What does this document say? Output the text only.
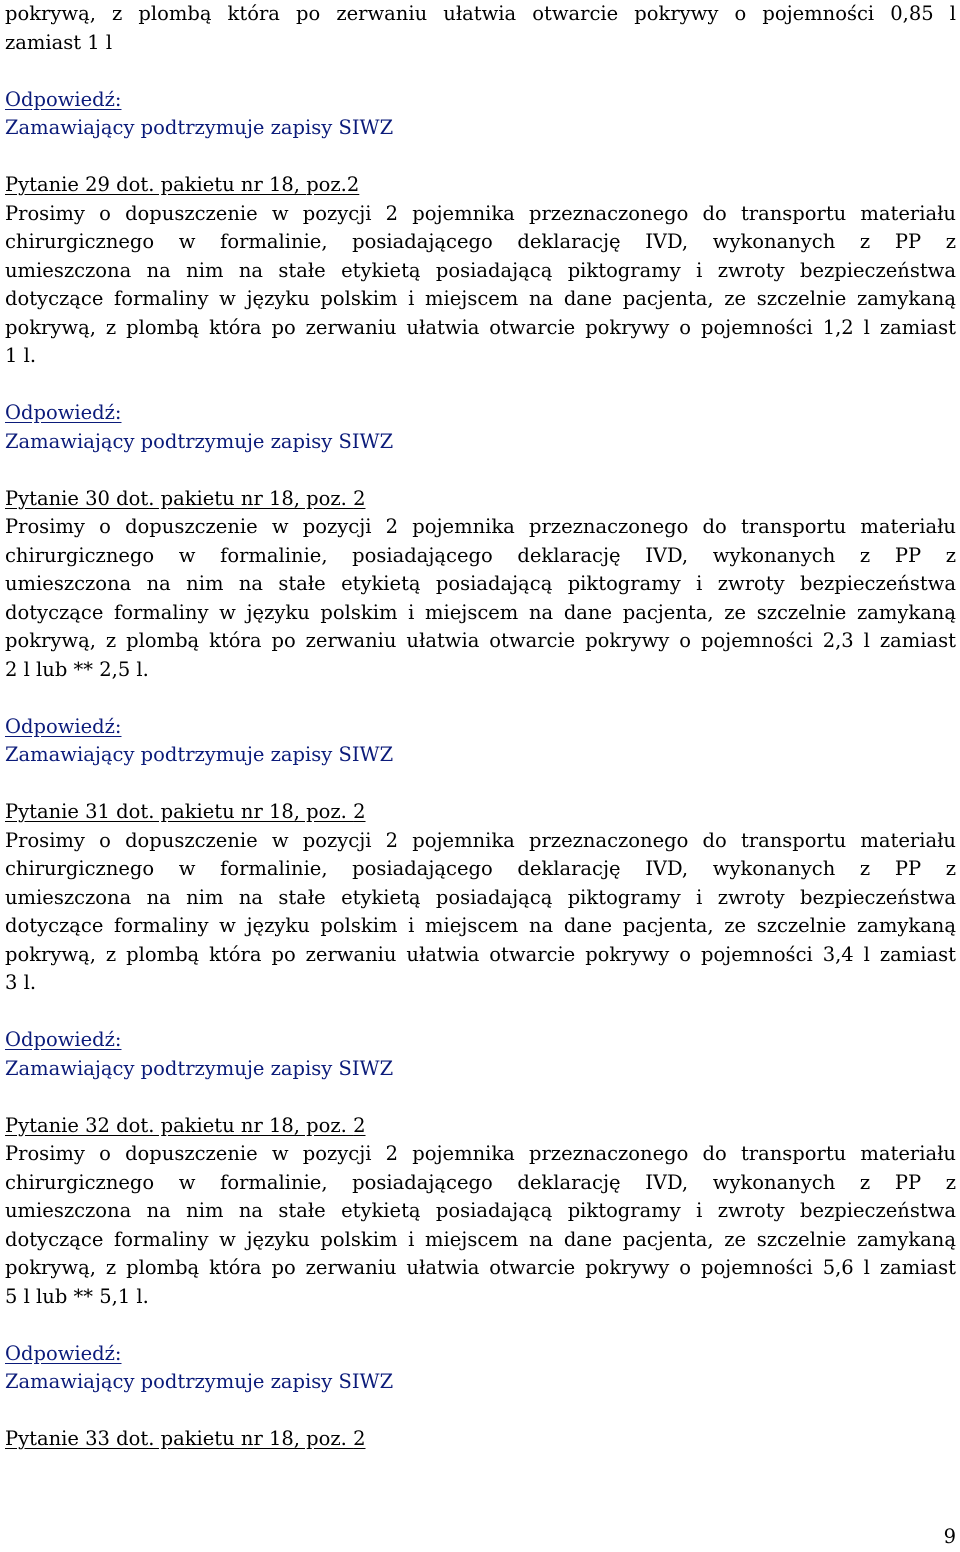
pokrywą, z plombą która po zerwaniu ułatwia otwarcie pokrywy o pojemności 0,85 l
zamiast 1 l
Odpowiedź:
Zamawiający podtrzymuje zapisy SIWZ
Pytanie 29 dot. pakietu nr 18, poz.2
Prosimy o dopuszczenie w pozycji 2 pojemnika przeznaczonego do transportu materiału
chirurgicznego w formalinie, posiadającego deklarację IVD, wykonanych z PP z
umieszczona na nim na stałe etykietą posiadającą piktogramy i zwroty bezpieczeństwa
dotyczące formaliny w języku polskim i miejscem na dane pacjenta, ze szczelnie zamykaną
pokrywą, z plombą która po zerwaniu ułatwia otwarcie pokrywy o pojemności 1,2 l zamiast
1 l.
Odpowiedź:
Zamawiający podtrzymuje zapisy SIWZ
Pytanie 30 dot. pakietu nr 18, poz. 2
Prosimy o dopuszczenie w pozycji 2 pojemnika przeznaczonego do transportu materiału
chirurgicznego w formalinie, posiadającego deklarację IVD, wykonanych z PP z
umieszczona na nim na stałe etykietą posiadającą piktogramy i zwroty bezpieczeństwa
dotyczące formaliny w języku polskim i miejscem na dane pacjenta, ze szczelnie zamykaną
pokrywą, z plombą która po zerwaniu ułatwia otwarcie pokrywy o pojemności 2,3 l zamiast
2 l lub ** 2,5 l.
Odpowiedź:
Zamawiający podtrzymuje zapisy SIWZ
Pytanie 31 dot. pakietu nr 18, poz. 2
Prosimy o dopuszczenie w pozycji 2 pojemnika przeznaczonego do transportu materiału
chirurgicznego w formalinie, posiadającego deklarację IVD, wykonanych z PP z
umieszczona na nim na stałe etykietą posiadającą piktogramy i zwroty bezpieczeństwa
dotyczące formaliny w języku polskim i miejscem na dane pacjenta, ze szczelnie zamykaną
pokrywą, z plombą która po zerwaniu ułatwia otwarcie pokrywy o pojemności 3,4 l zamiast
3 l.
Odpowiedź:
Zamawiający podtrzymuje zapisy SIWZ
Pytanie 32 dot. pakietu nr 18, poz. 2
Prosimy o dopuszczenie w pozycji 2 pojemnika przeznaczonego do transportu materiału
chirurgicznego w formalinie, posiadającego deklarację IVD, wykonanych z PP z
umieszczona na nim na stałe etykietą posiadającą piktogramy i zwroty bezpieczeństwa
dotyczące formaliny w języku polskim i miejscem na dane pacjenta, ze szczelnie zamykaną
pokrywą, z plombą która po zerwaniu ułatwia otwarcie pokrywy o pojemności 5,6 l zamiast
5 l lub ** 5,1 l.
Odpowiedź:
Zamawiający podtrzymuje zapisy SIWZ
Pytanie 33 dot. pakietu nr 18, poz. 2
9
